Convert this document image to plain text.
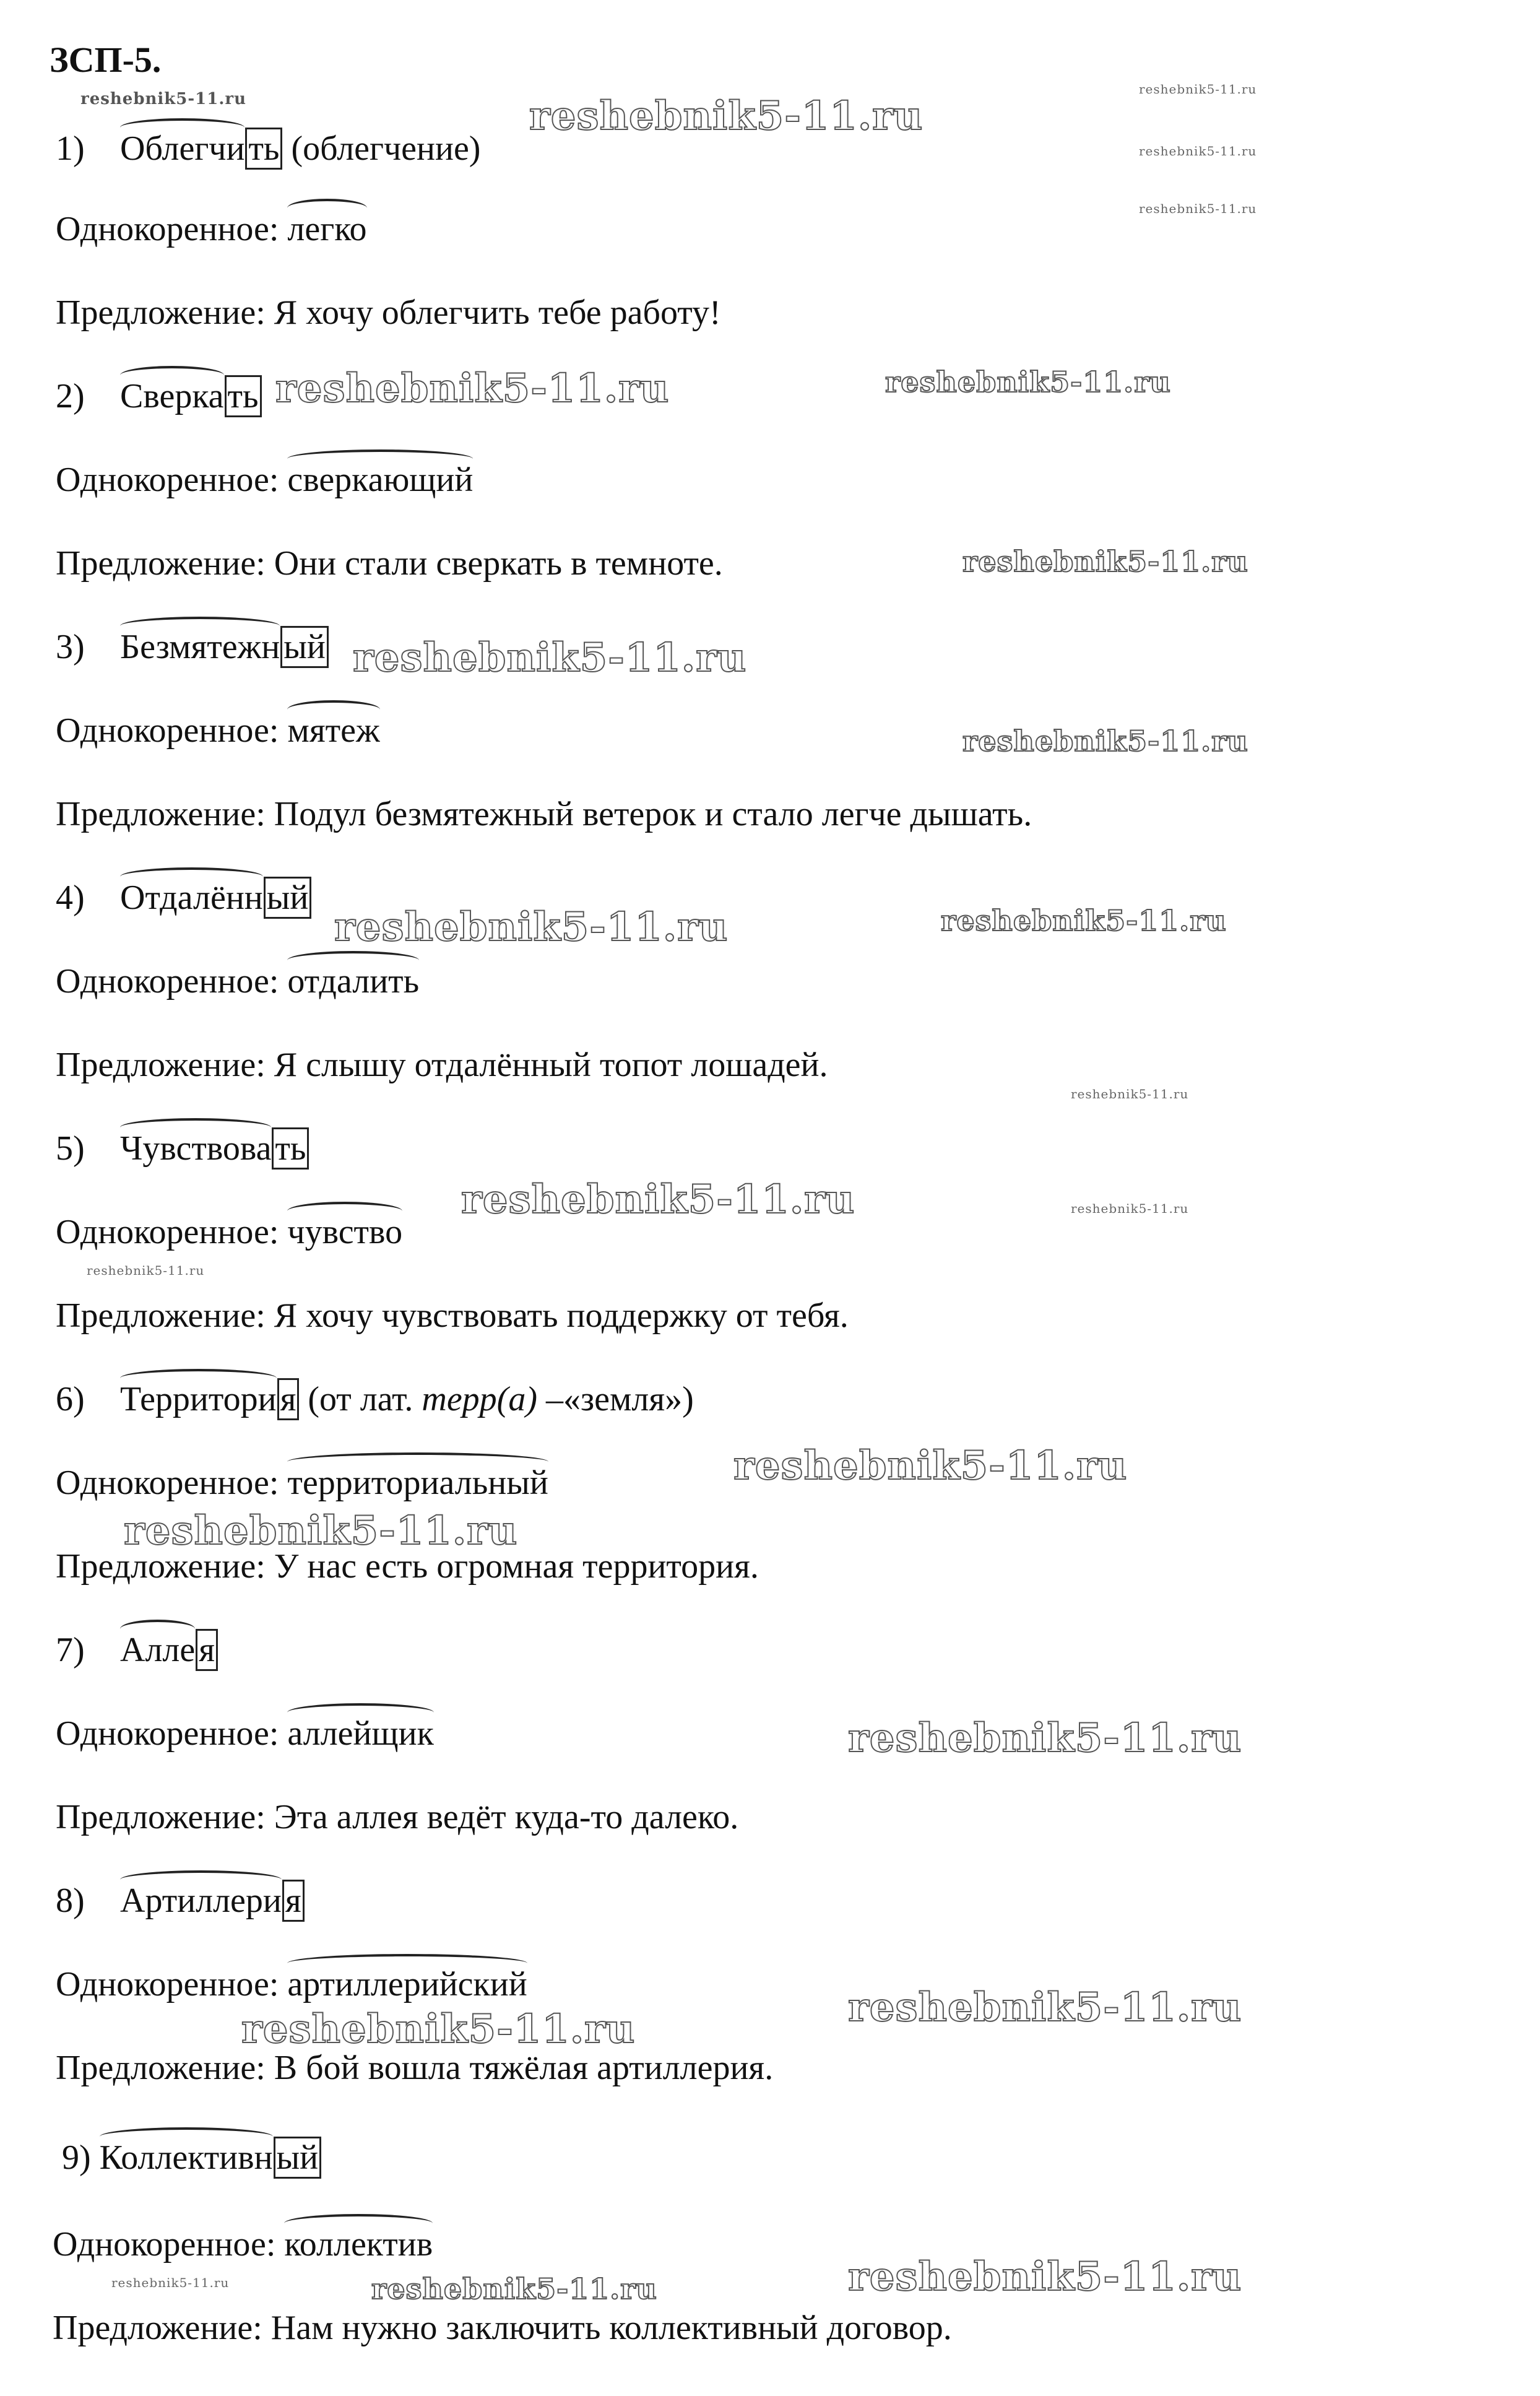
ЗСП-5.
1) Облегчи ть (облегчение)
Однокоренное: легко
Предложение: Я хочу облегчить тебе работу!
2) Сверка ть
Однокоренное: сверкающий
Предложение: Они стали сверкать в темноте.
3) Безмятежн ый
Однокоренное: мятеж
Предложение: Подул безмятежный ветерок и стало легче дышать.
4) Отдалённ ый
Однокоренное: отдалить
Предложение: Я слышу отдалённый топот лошадей.
5) Чувствова ть
Однокоренное: чувство
Предложение: Я хочу чувствовать поддержку от тебя.
6) Территори я (от лат. терр(а) –«земля»)
Однокоренное: территориальный
Предложение: У нас есть огромная территория.
7) Алле я
Однокоренное: аллейщик
Предложение: Эта аллея ведёт куда-то далеко.
8) Артиллери я
Однокоренное: артиллерийский
Предложение: В бой вошла тяжёлая артиллерия.
9) Коллективн ый
Однокоренное: коллектив
Предложение: Нам нужно заключить коллективный договор.
reshebnik5-11.ru	reshebnik5-11.ru
reshebnik5-11.ru
reshebnik5-11.ru
reshebnik5-11.ru
reshebnik5-11.ru	reshebnik5-11.ru
reshebnik5-11.ru
reshebnik5-11.ru
reshebnik5-11.ru
reshebnik5-11.ru	reshebnik5-11.ru
reshebnik5-11.ru
reshebnik5-11.ru	reshebnik5-11.ru
reshebnik5-11.ru
reshebnik5-11.ru
reshebnik5-11.ru
reshebnik5-11.ru
reshebnik5-11.ru
reshebnik5-11.ru
reshebnik5-11.ru	reshebnik5-11.ru	reshebnik5-11.ru
